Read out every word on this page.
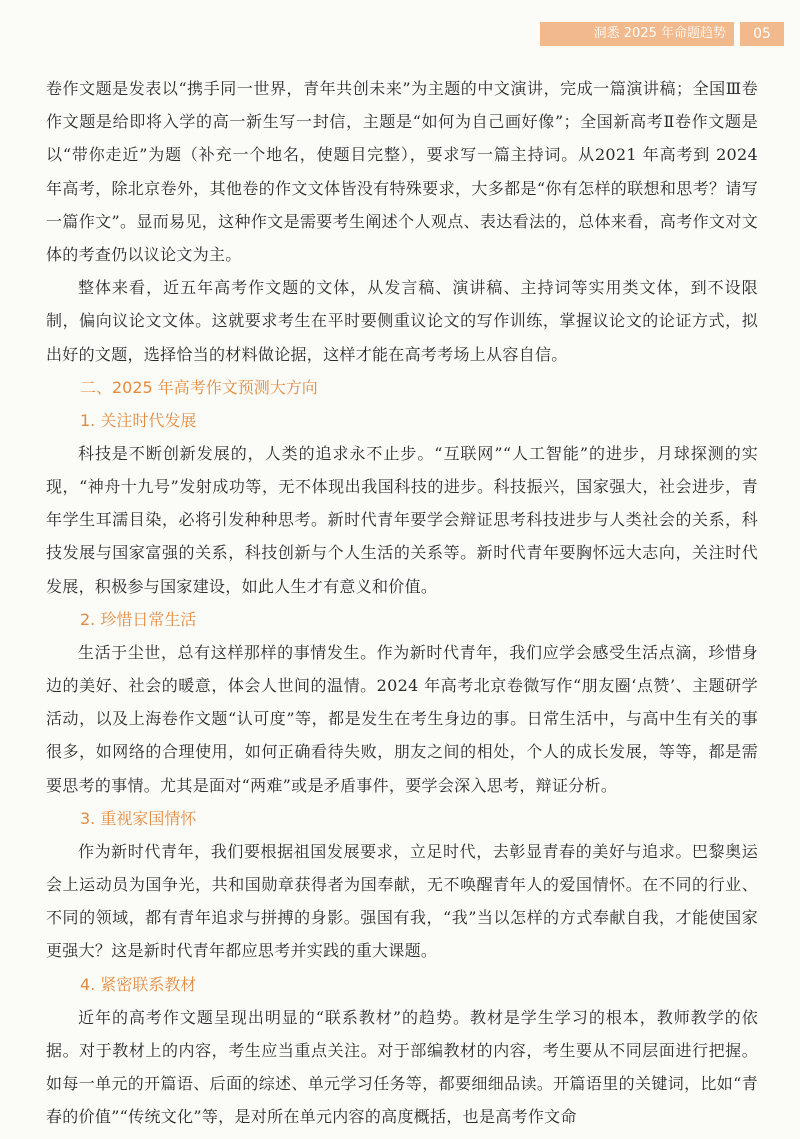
洞悉 2025 年命题趋势	05

卷作文题是发表以“携手同一世界，青年共创未来”为主题的中文演讲，完成一篇演讲稿；全国Ⅲ卷作文题是给即将入学的高一新生写一封信，主题是“如何为自己画好像”；全国新高考Ⅱ卷作文题是以“带你走近”为题（补充一个地名，使题目完整），要求写一篇主持词。从2021 年高考到 2024 年高考，除北京卷外，其他卷的作文文体皆没有特殊要求，大多都是“你有怎样的联想和思考？请写一篇作文”。显而易见，这种作文是需要考生阐述个人观点、表达看法的，总体来看，高考作文对文体的考查仍以议论文为主。

整体来看，近五年高考作文题的文体，从发言稿、演讲稿、主持词等实用类文体，到不设限制，偏向议论文文体。这就要求考生在平时要侧重议论文的写作训练，掌握议论文的论证方式，拟出好的文题，选择恰当的材料做论据，这样才能在高考考场上从容自信。

二、2025 年高考作文预测大方向
1. 关注时代发展

科技是不断创新发展的，人类的追求永不止步。“互联网”“人工智能”的进步，月球探测的实现，“神舟十九号”发射成功等，无不体现出我国科技的进步。科技振兴，国家强大，社会进步，青年学生耳濡目染，必将引发种种思考。新时代青年要学会辩证思考科技进步与人类社会的关系，科技发展与国家富强的关系，科技创新与个人生活的关系等。新时代青年要胸怀远大志向，关注时代发展，积极参与国家建设，如此人生才有意义和价值。

2. 珍惜日常生活

生活于尘世，总有这样那样的事情发生。作为新时代青年，我们应学会感受生活点滴，珍惜身边的美好、社会的暖意，体会人世间的温情。2024 年高考北京卷微写作“朋友圈‘点赞’、主题研学活动，以及上海卷作文题“认可度”等，都是发生在考生身边的事。日常生活中，与高中生有关的事很多，如网络的合理使用，如何正确看待失败，朋友之间的相处，个人的成长发展，等等，都是需要思考的事情。尤其是面对“两难”或是矛盾事件，要学会深入思考，辩证分析。

3. 重视家国情怀

作为新时代青年，我们要根据祖国发展要求，立足时代，去彰显青春的美好与追求。巴黎奥运会上运动员为国争光，共和国勋章获得者为国奉献，无不唤醒青年人的爱国情怀。在不同的行业、不同的领域，都有青年追求与拼搏的身影。强国有我，“我”当以怎样的方式奉献自我，才能使国家更强大？这是新时代青年都应思考并实践的重大课题。

4. 紧密联系教材

近年的高考作文题呈现出明显的“联系教材”的趋势。教材是学生学习的根本，教师教学的依据。对于教材上的内容，考生应当重点关注。对于部编教材的内容，考生要从不同层面进行把握。如每一单元的开篇语、后面的综述、单元学习任务等，都要细细品读。开篇语里的关键词，比如“青春的价值”“传统文化”等，是对所在单元内容的高度概括，也是高考作文命
